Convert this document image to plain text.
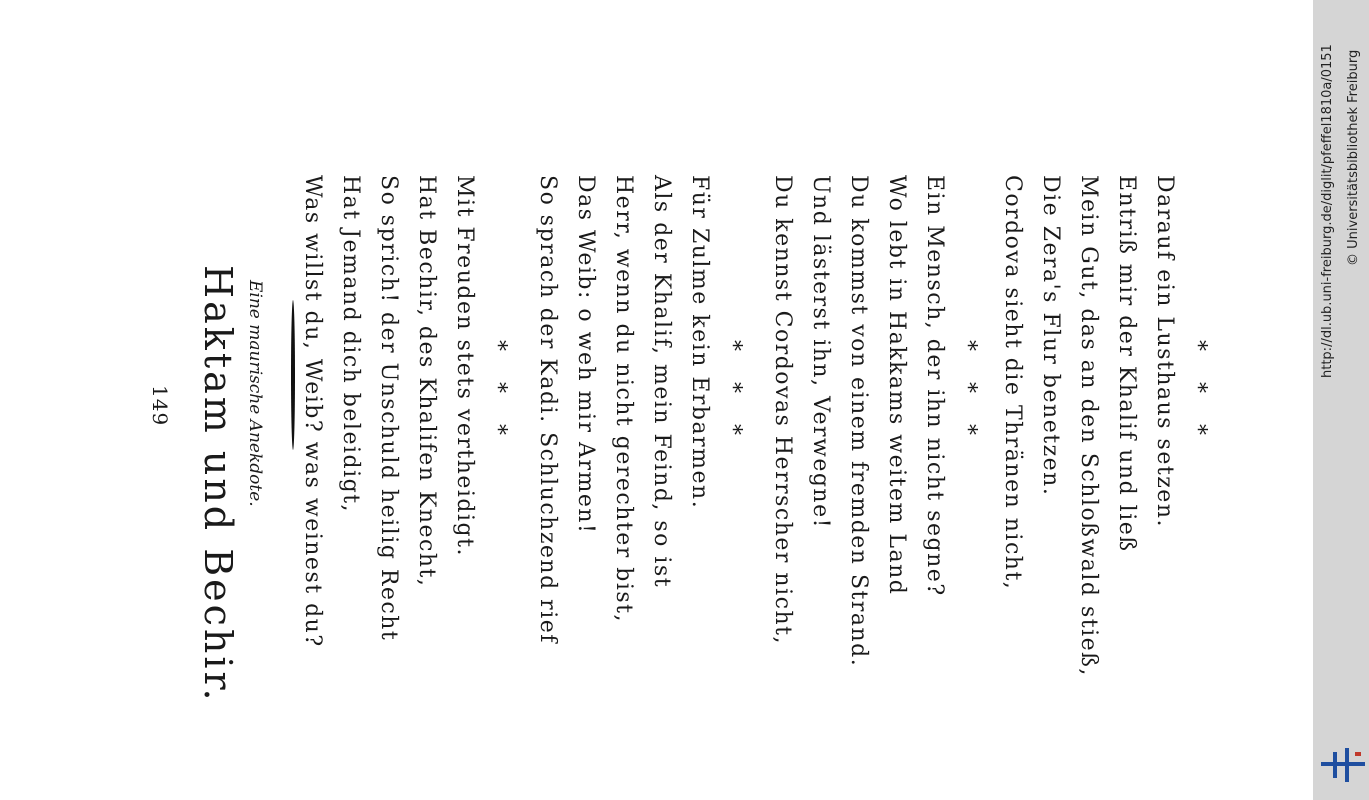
149 Haktam und Bechir. Eine maurische Anekdote. Was willst du, Weib? was weinest du? Hat Jemand dich beleidigt, So sprich! der Unschuld heilig Recht Hat Bechir, des Khalifen Knecht, Mit Freuden stets vertheidigt. * * * So sprach der Kadi. Schluchzend rief Das Weib: o weh mir Armen! Herr, wenn du nicht gerechter bist, Als der Khalif, mein Feind, so ist Für Zulme kein Erbarmen. * * * Du kennst Cordovas Herrscher nicht, Und lästerst ihn, Verwegne! Du kommst von einem fremden Strand. Wo lebt in Hakkams weitem Land Ein Mensch, der ihn nicht segne? * * * Cordova sieht die Thränen nicht, Die Zera's Flur benetzen. Mein Gut, das an den Schloßwald stieß, Entriß mir der Khalif und ließ Darauf ein Lusthaus setzen. * * *
http://dl.ub.uni-freiburg.de/diglit/pfeffel1810a/0151 © Universitätsbibliothek Freiburg
